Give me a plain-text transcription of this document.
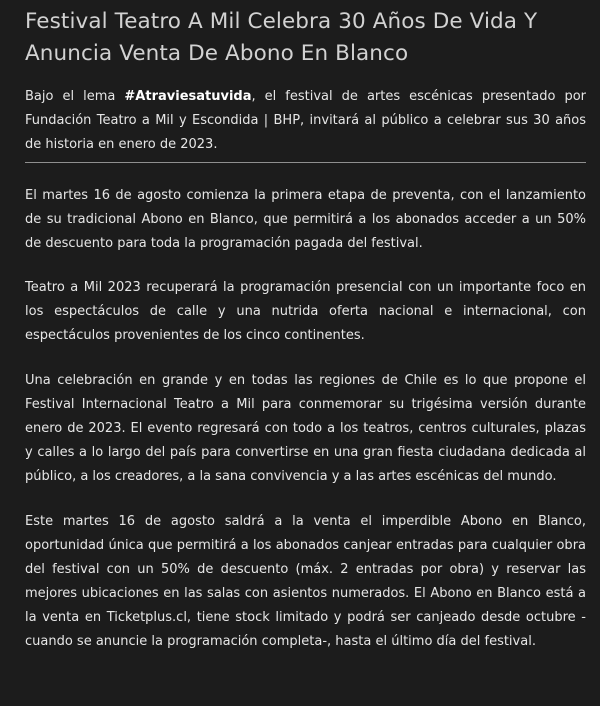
Festival Teatro A Mil Celebra 30 Años De Vida Y Anuncia Venta De Abono En Blanco

Bajo el lema #Atraviesatuvida, el festival de artes escénicas presentado por Fundación Teatro a Mil y Escondida | BHP, invitará al público a celebrar sus 30 años de historia en enero de 2023.

El martes 16 de agosto comienza la primera etapa de preventa, con el lanzamiento de su tradicional Abono en Blanco, que permitirá a los abonados acceder a un 50% de descuento para toda la programación pagada del festival.

Teatro a Mil 2023 recuperará la programación presencial con un importante foco en los espectáculos de calle y una nutrida oferta nacional e internacional, con espectáculos provenientes de los cinco continentes.

Una celebración en grande y en todas las regiones de Chile es lo que propone el Festival Internacional Teatro a Mil para conmemorar su trigésima versión durante enero de 2023. El evento regresará con todo a los teatros, centros culturales, plazas y calles a lo largo del país para convertirse en una gran fiesta ciudadana dedicada al público, a los creadores, a la sana convivencia y a las artes escénicas del mundo.

Este martes 16 de agosto saldrá a la venta el imperdible Abono en Blanco, oportunidad única que permitirá a los abonados canjear entradas para cualquier obra del festival con un 50% de descuento (máx. 2 entradas por obra) y reservar las mejores ubicaciones en las salas con asientos numerados. El Abono en Blanco está a la venta en Ticketplus.cl, tiene stock limitado y podrá ser canjeado desde octubre -cuando se anuncie la programación completa-, hasta el último día del festival.
